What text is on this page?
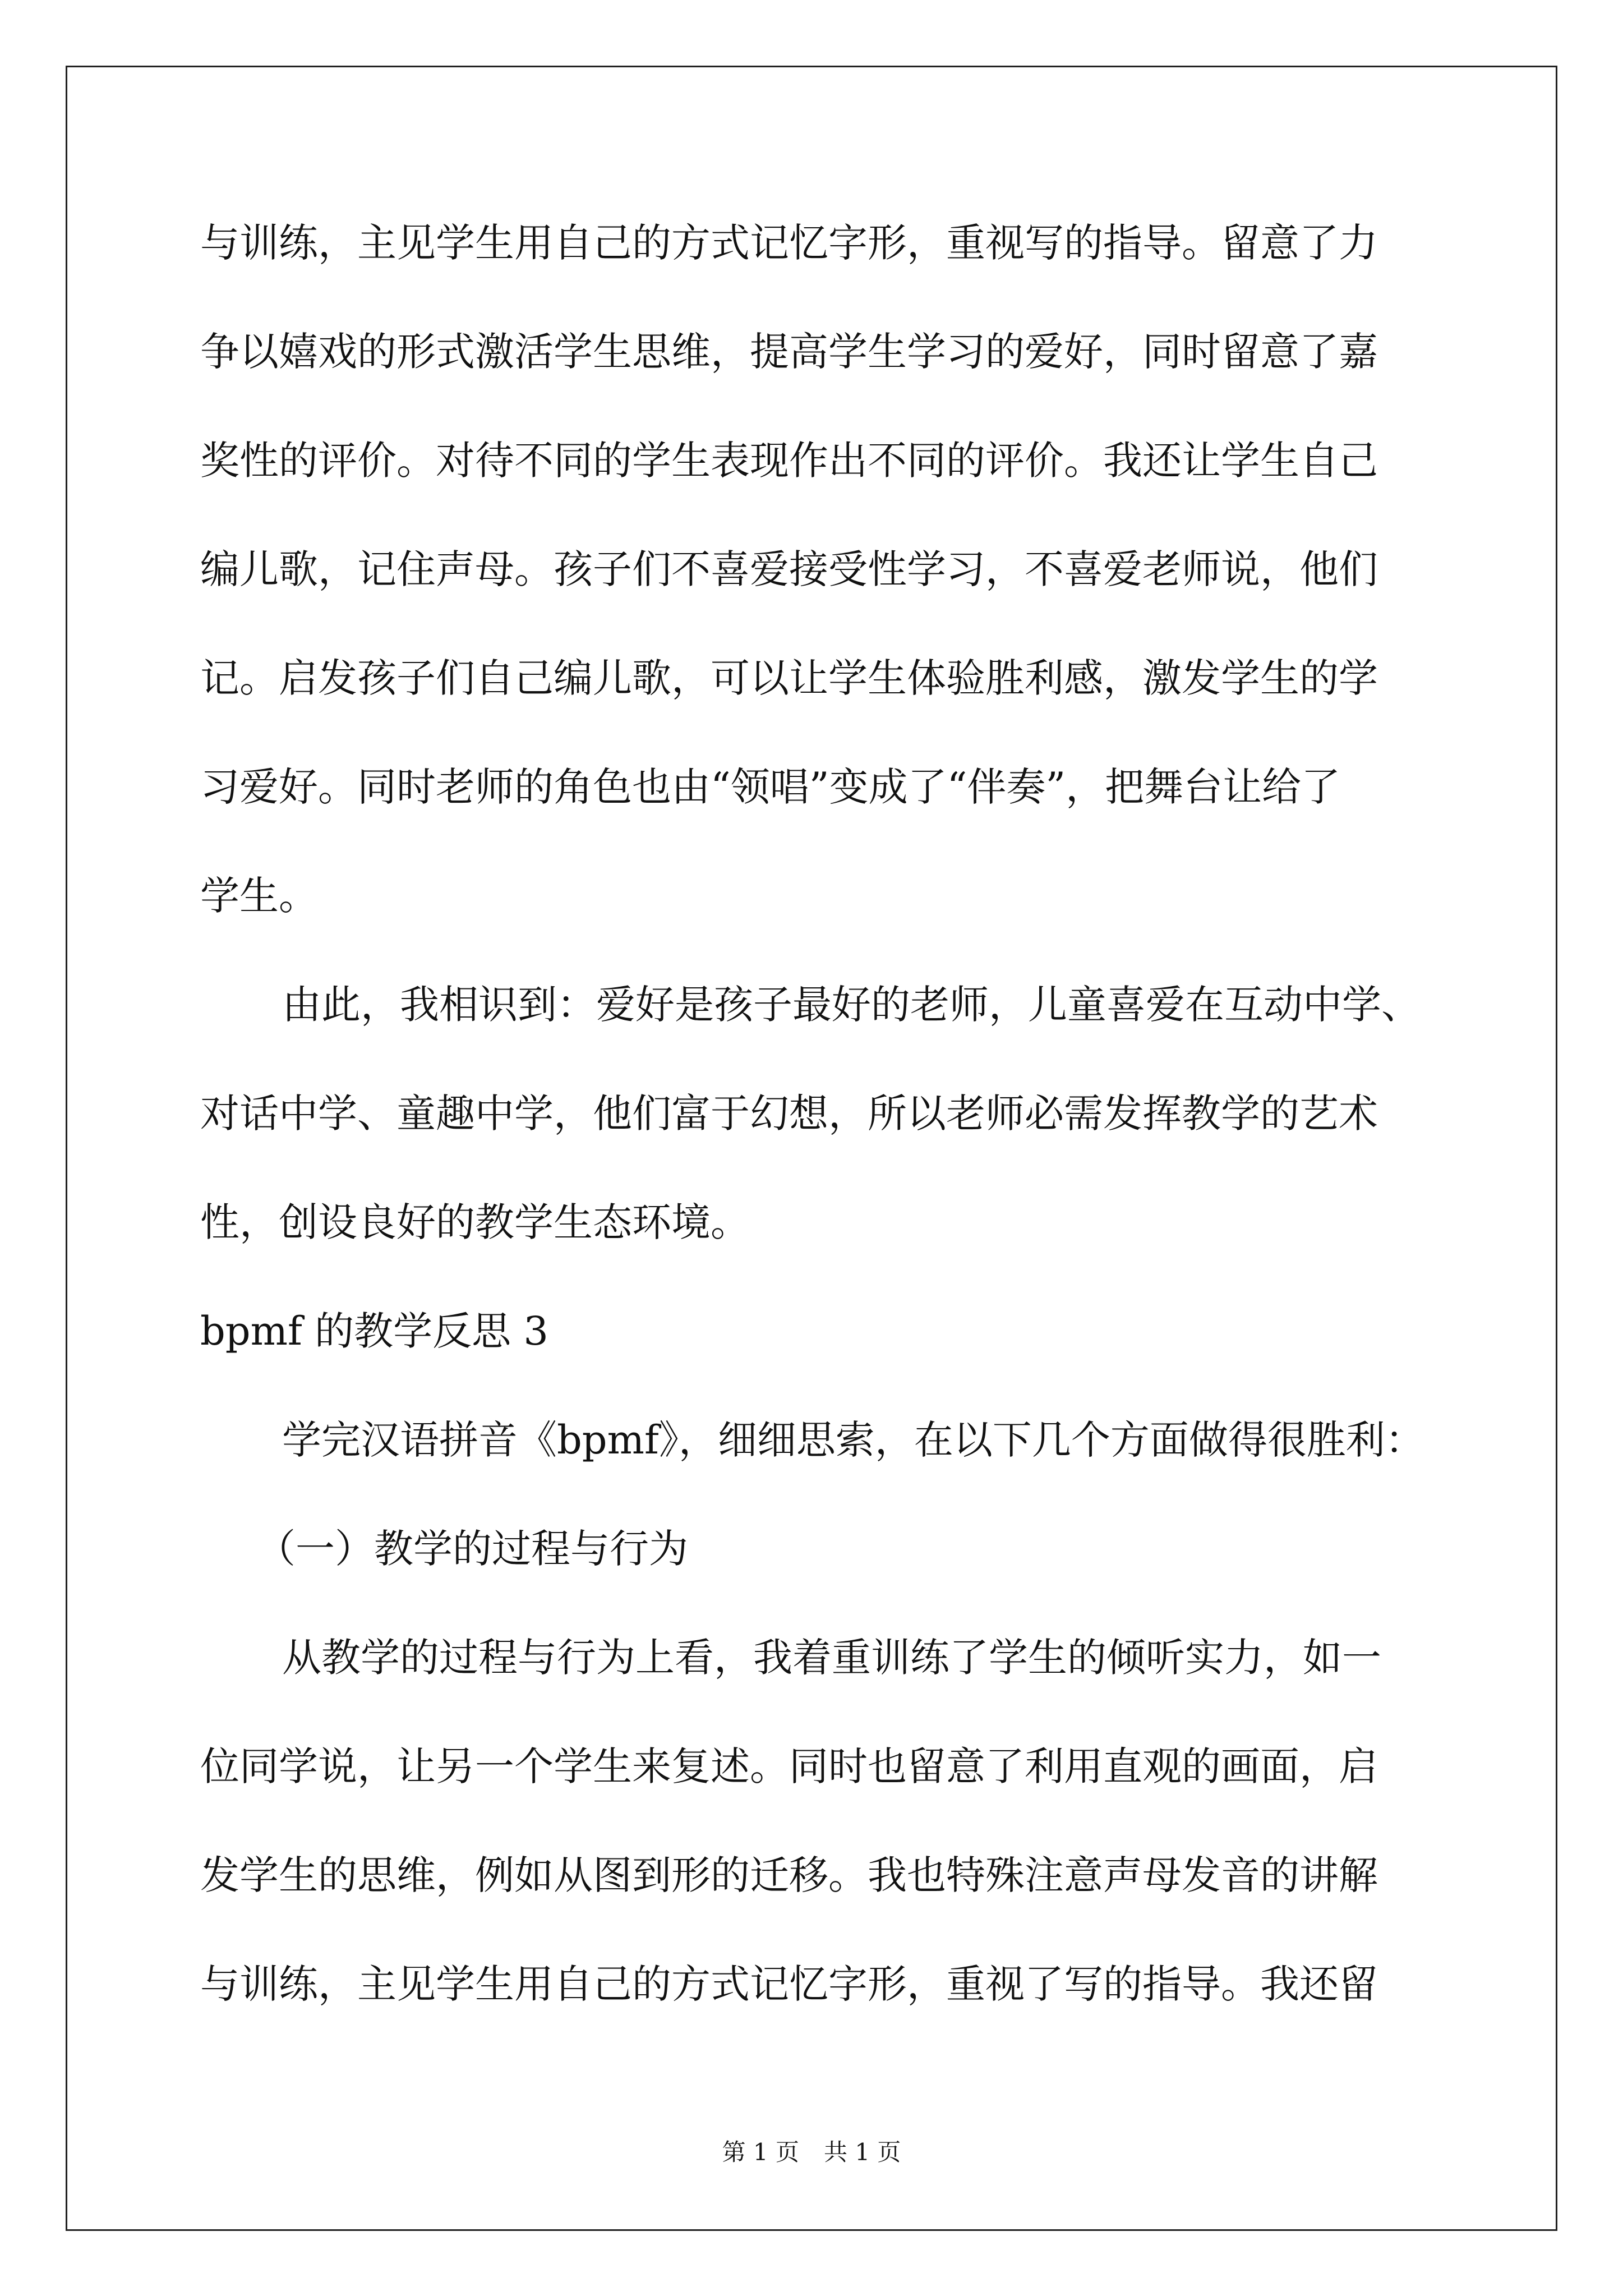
与训练，主见学生用自己的方式记忆字形，重视写的指导。留意了力
争以嬉戏的形式激活学生思维，提高学生学习的爱好，同时留意了嘉
奖性的评价。对待不同的学生表现作出不同的评价。我还让学生自己
编儿歌，记住声母。孩子们不喜爱接受性学习，不喜爱老师说，他们
记。启发孩子们自己编儿歌，可以让学生体验胜利感，激发学生的学
习爱好。同时老师的角色也由“领唱”变成了“伴奏”，把舞台让给了
学生。
由此，我相识到：爱好是孩子最好的老师，儿童喜爱在互动中学、
对话中学、童趣中学，他们富于幻想，所以老师必需发挥教学的艺术
性，创设良好的教学生态环境。
bpmf 的教学反思 3
学完汉语拼音《bpmf》，细细思索，在以下几个方面做得很胜利：
（一）教学的过程与行为
从教学的过程与行为上看，我着重训练了学生的倾听实力，如一
位同学说，让另一个学生来复述。同时也留意了利用直观的画面，启
发学生的思维，例如从图到形的迁移。我也特殊注意声母发音的讲解
与训练，主见学生用自己的方式记忆字形，重视了写的指导。我还留
第 1 页 共 1 页
